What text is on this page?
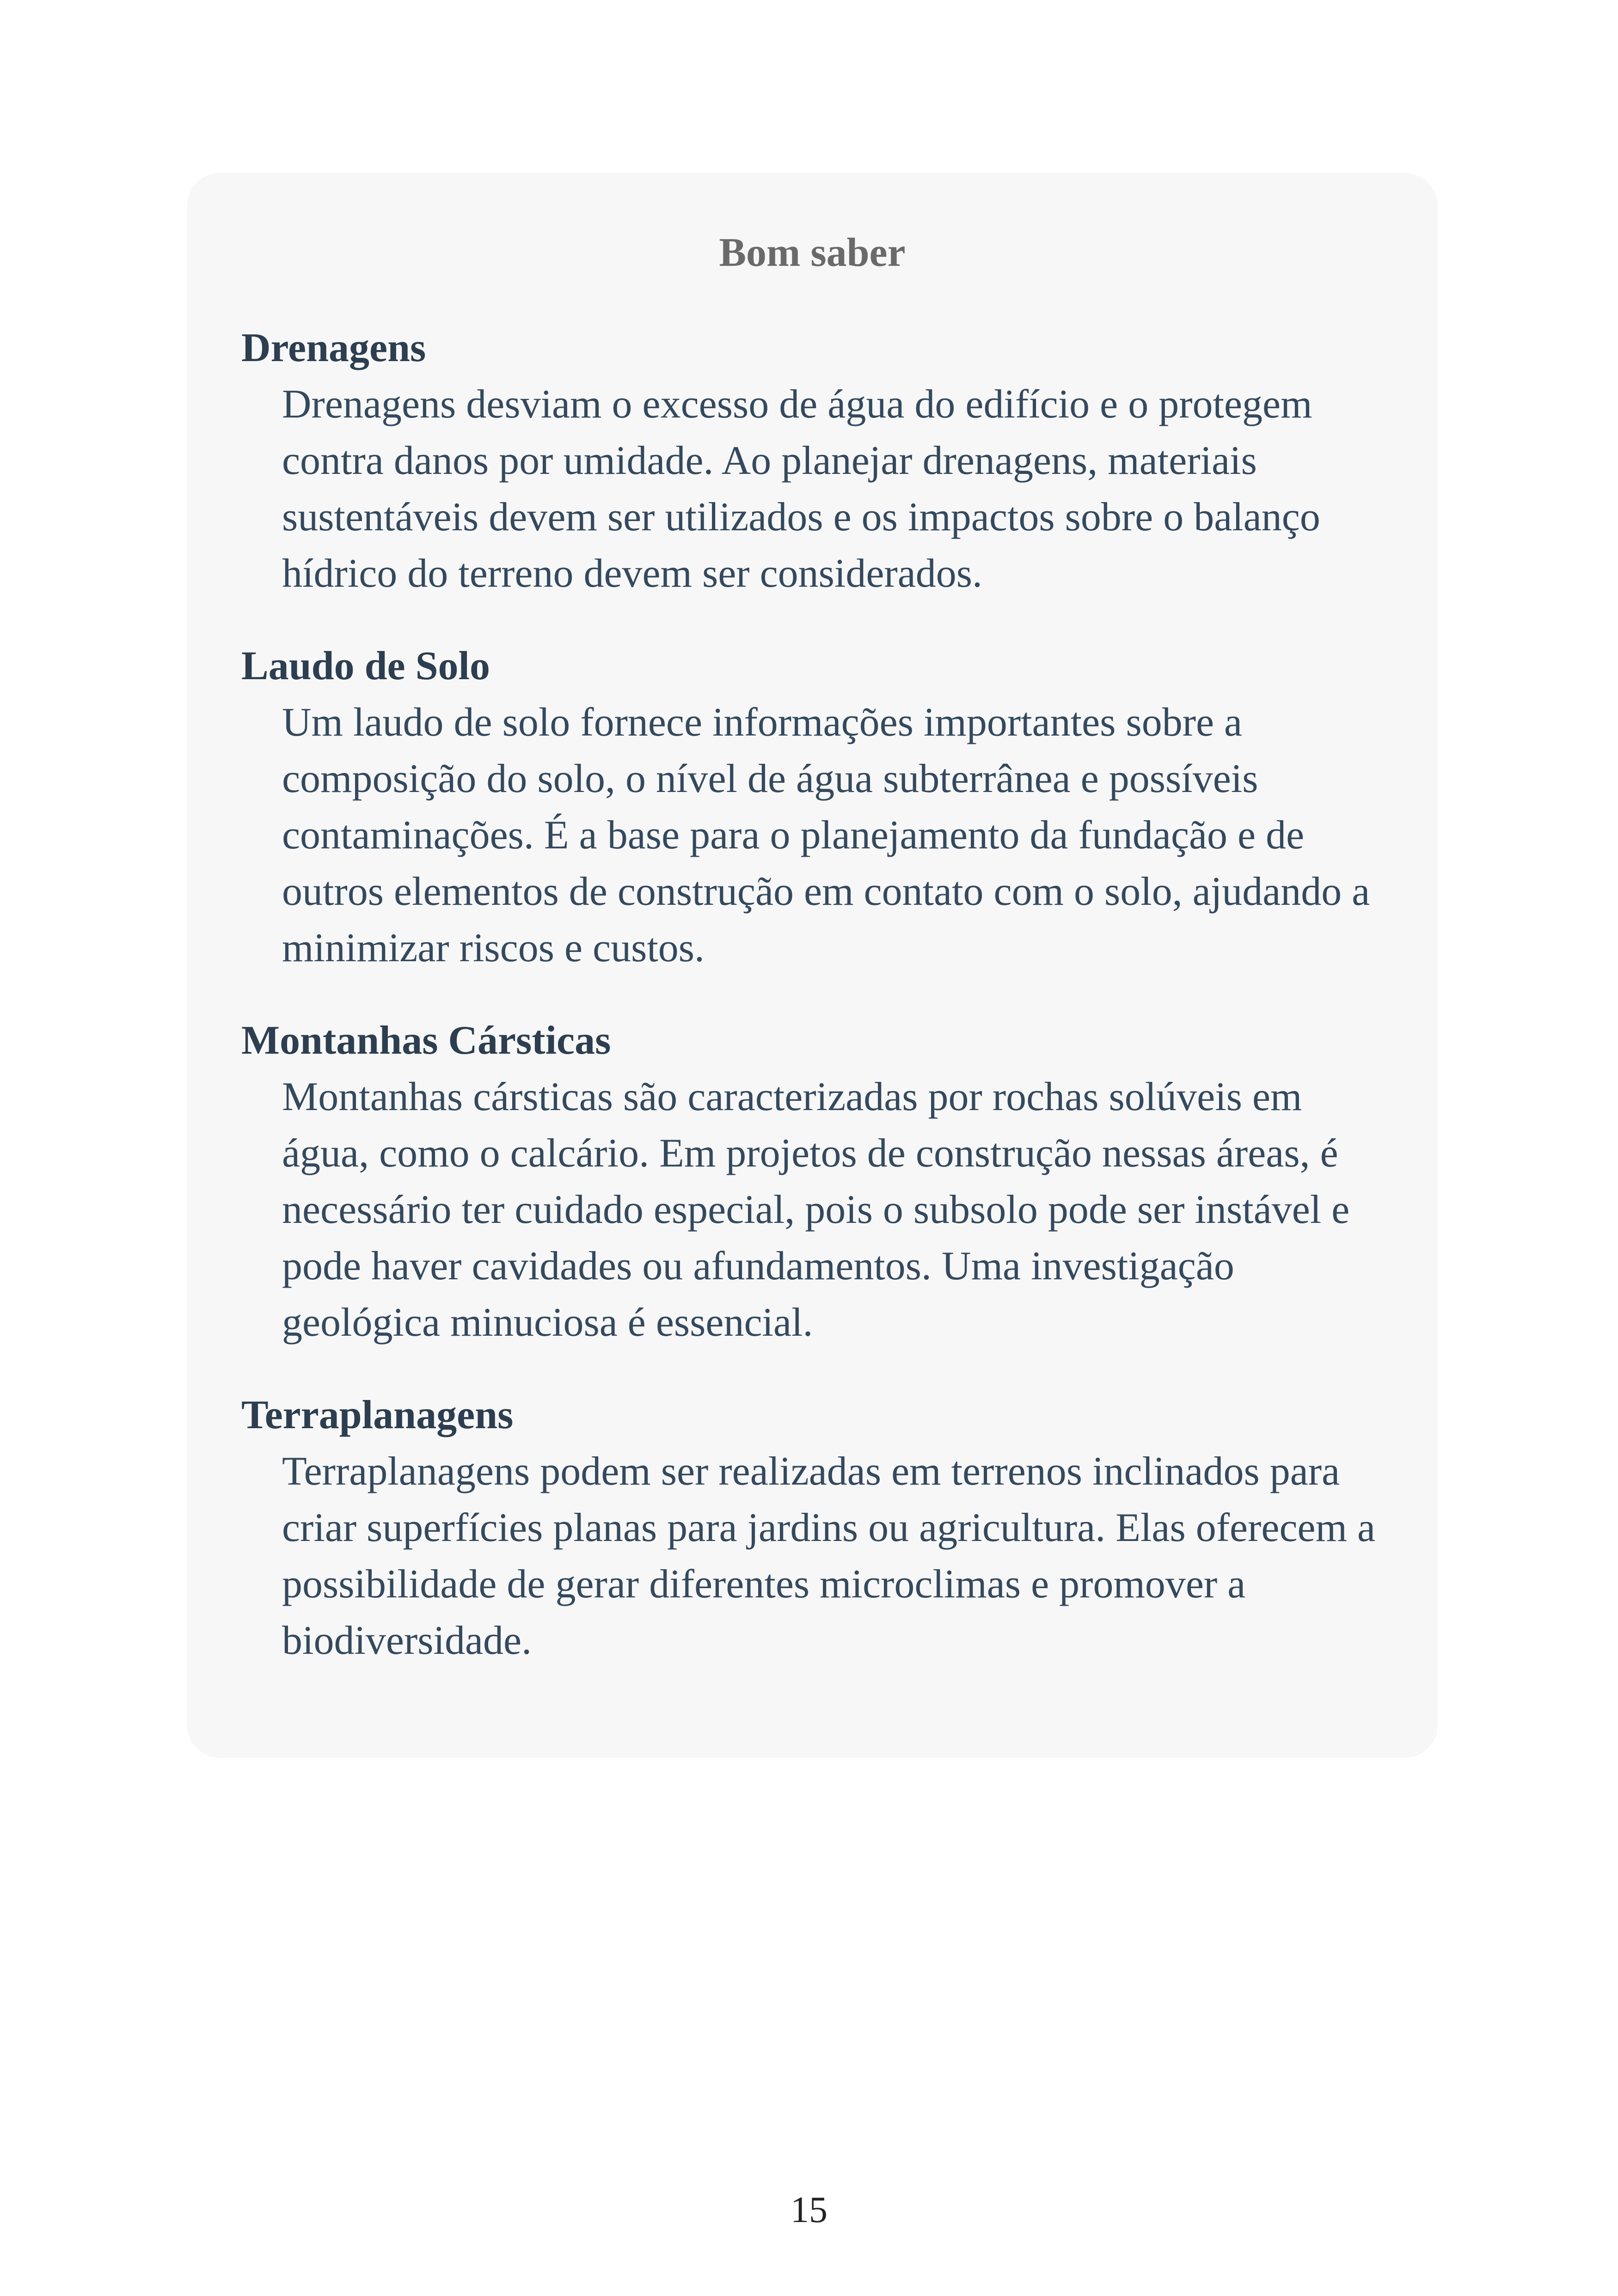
Bom saber
Drenagens
Drenagens desviam o excesso de água do edifício e o protegem contra danos por umidade. Ao planejar drenagens, materiais sustentáveis devem ser utilizados e os impactos sobre o balanço hídrico do terreno devem ser considerados.
Laudo de Solo
Um laudo de solo fornece informações importantes sobre a composição do solo, o nível de água subterrânea e possíveis contaminações. É a base para o planejamento da fundação e de outros elementos de construção em contato com o solo, ajudando a minimizar riscos e custos.
Montanhas Cársticas
Montanhas cársticas são caracterizadas por rochas solúveis em água, como o calcário. Em projetos de construção nessas áreas, é necessário ter cuidado especial, pois o subsolo pode ser instável e pode haver cavidades ou afundamentos. Uma investigação geológica minuciosa é essencial.
Terraplanagens
Terraplanagens podem ser realizadas em terrenos inclinados para criar superfícies planas para jardins ou agricultura. Elas oferecem a possibilidade de gerar diferentes microclimas e promover a biodiversidade.
15
